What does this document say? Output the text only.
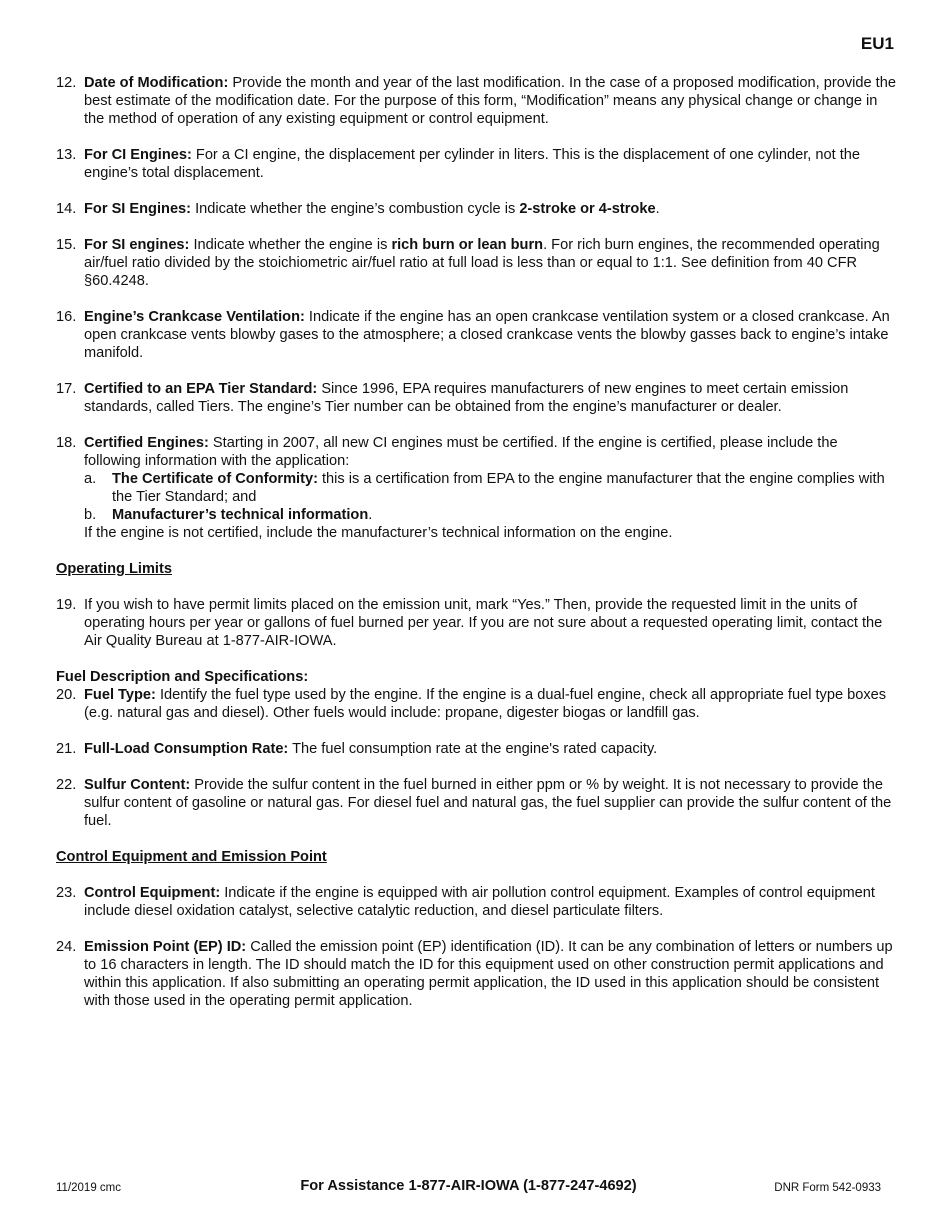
EU1
12. Date of Modification: Provide the month and year of the last modification. In the case of a proposed modification, provide the best estimate of the modification date. For the purpose of this form, “Modification” means any physical change or change in the method of operation of any existing equipment or control equipment.
13. For CI Engines: For a CI engine, the displacement per cylinder in liters. This is the displacement of one cylinder, not the engine’s total displacement.
14. For SI Engines: Indicate whether the engine’s combustion cycle is 2-stroke or 4-stroke.
15. For SI engines: Indicate whether the engine is rich burn or lean burn. For rich burn engines, the recommended operating air/fuel ratio divided by the stoichiometric air/fuel ratio at full load is less than or equal to 1:1. See definition from 40 CFR §60.4248.
16. Engine’s Crankcase Ventilation: Indicate if the engine has an open crankcase ventilation system or a closed crankcase. An open crankcase vents blowby gases to the atmosphere; a closed crankcase vents the blowby gasses back to engine’s intake manifold.
17. Certified to an EPA Tier Standard: Since 1996, EPA requires manufacturers of new engines to meet certain emission standards, called Tiers. The engine’s Tier number can be obtained from the engine’s manufacturer or dealer.
18. Certified Engines: Starting in 2007, all new CI engines must be certified. If the engine is certified, please include the following information with the application:
a. The Certificate of Conformity: this is a certification from EPA to the engine manufacturer that the engine complies with the Tier Standard; and
b. Manufacturer’s technical information.
If the engine is not certified, include the manufacturer’s technical information on the engine.
Operating Limits
19. If you wish to have permit limits placed on the emission unit, mark “Yes.” Then, provide the requested limit in the units of operating hours per year or gallons of fuel burned per year. If you are not sure about a requested operating limit, contact the Air Quality Bureau at 1-877-AIR-IOWA.
Fuel Description and Specifications:
20. Fuel Type: Identify the fuel type used by the engine. If the engine is a dual-fuel engine, check all appropriate fuel type boxes (e.g. natural gas and diesel). Other fuels would include: propane, digester biogas or landfill gas.
21. Full-Load Consumption Rate: The fuel consumption rate at the engine's rated capacity.
22. Sulfur Content: Provide the sulfur content in the fuel burned in either ppm or % by weight. It is not necessary to provide the sulfur content of gasoline or natural gas. For diesel fuel and natural gas, the fuel supplier can provide the sulfur content of the fuel.
Control Equipment and Emission Point
23. Control Equipment: Indicate if the engine is equipped with air pollution control equipment. Examples of control equipment include diesel oxidation catalyst, selective catalytic reduction, and diesel particulate filters.
24. Emission Point (EP) ID: Called the emission point (EP) identification (ID). It can be any combination of letters or numbers up to 16 characters in length. The ID should match the ID for this equipment used on other construction permit applications and within this application. If also submitting an operating permit application, the ID used in this application should be consistent with those used in the operating permit application.
11/2019 cmc	For Assistance 1-877-AIR-IOWA (1-877-247-4692)	DNR Form 542-0933
